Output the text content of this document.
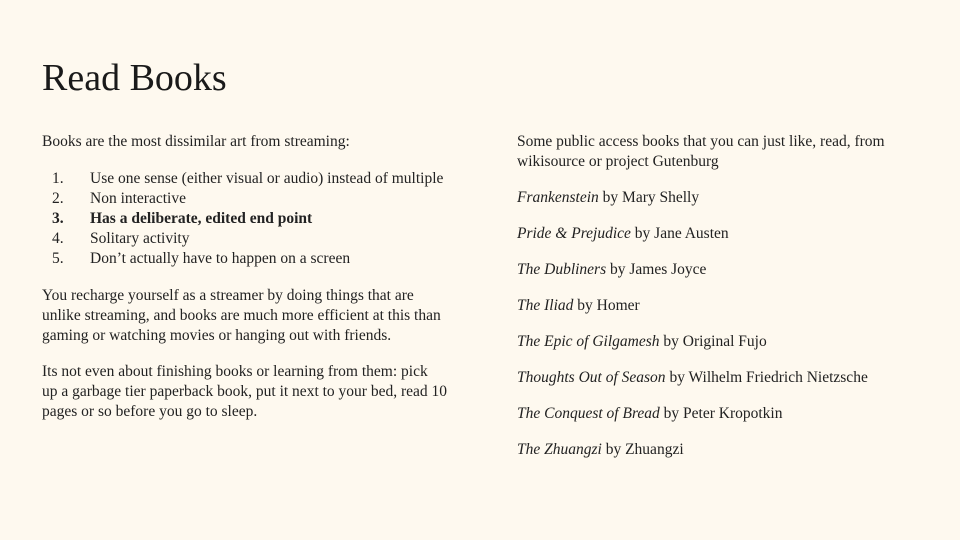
Read Books

Books are the most dissimilar art from streaming:

1.	Use one sense (either visual or audio) instead of multiple
2.	Non interactive
3.	Has a deliberate, edited end point
4.	Solitary activity
5.	Don’t actually have to happen on a screen

You recharge yourself as a streamer by doing things that are unlike streaming, and books are much more efficient at this than gaming or watching movies or hanging out with friends.

Its not even about finishing books or learning from them: pick up a garbage tier paperback book, put it next to your bed, read 10 pages or so before you go to sleep.

Some public access books that you can just like, read, from wikisource or project Gutenburg

Frankenstein by Mary Shelly

Pride & Prejudice by Jane Austen

The Dubliners by James Joyce

The Iliad by Homer

The Epic of Gilgamesh by Original Fujo

Thoughts Out of Season by Wilhelm Friedrich Nietzsche

The Conquest of Bread by Peter Kropotkin

The Zhuangzi by Zhuangzi
